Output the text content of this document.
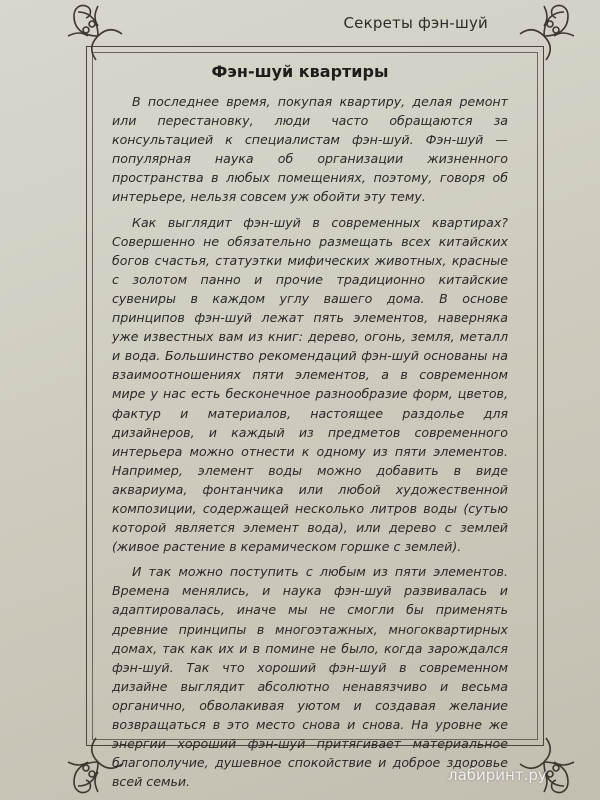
Секреты фэн-шуй
Фэн-шуй квартиры

В последнее время, покупая квартиру, делая ремонт или перестановку, люди часто обращаются за консультацией к специалистам фэн-шуй. Фэн-шуй — популярная наука об организации жизненного пространства в любых помещениях, поэтому, говоря об интерьере, нельзя совсем уж обойти эту тему.

Как выглядит фэн-шуй в современных квартирах? Совершенно не обязательно размещать всех китайских богов счастья, статуэтки мифических животных, красные с золотом панно и прочие традиционно китайские сувениры в каждом углу вашего дома. В основе принципов фэн-шуй лежат пять элементов, наверняка уже известных вам из книг: дерево, огонь, земля, металл и вода. Большинство рекомендаций фэн-шуй основаны на взаимоотношениях пяти элементов, а в современном мире у нас есть бесконечное разнообразие форм, цветов, фактур и материалов, настоящее раздолье для дизайнеров, и каждый из предметов современного интерьера можно отнести к одному из пяти элементов. Например, элемент воды можно добавить в виде аквариума, фонтанчика или любой художественной композиции, содержащей несколько литров воды (сутью которой является элемент вода), или дерево с землей (живое растение в керамическом горшке с землей).

И так можно поступить с любым из пяти элементов. Времена менялись, и наука фэн-шуй развивалась и адаптировалась, иначе мы не смогли бы применять древние принципы в многоэтажных, многоквартирных домах, так как их и в помине не было, когда зарождался фэн-шуй. Так что хороший фэн-шуй в современном дизайне выглядит абсолютно ненавязчиво и весьма органично, обволакивая уютом и создавая желание возвращаться в это место снова и снова. На уровне же энергии хороший фэн-шуй притягивает материальное благополучие, душевное спокойствие и доброе здоровье всей семьи.	лабиринт.ру
